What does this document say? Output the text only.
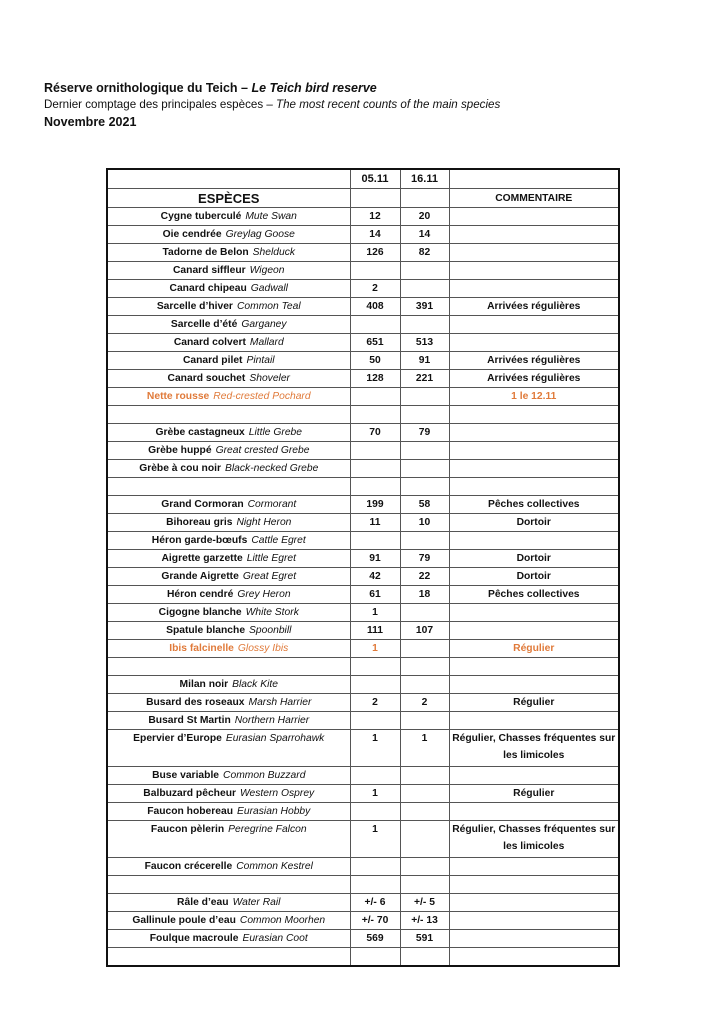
Réserve ornithologique du Teich – Le Teich bird reserve
Dernier comptage des principales espèces – The most recent counts of the main species
Novembre 2021
	05.11	16.11	
ESPÈCES			COMMENTAIRE
Cygne tuberculé Mute Swan	12	20	
Oie cendrée Greylag Goose	14	14	
Tadorne de Belon Shelduck	126	82	
Canard siffleur Wigeon			
Canard chipeau Gadwall	2		
Sarcelle d’hiver Common Teal	408	391	Arrivées régulières
Sarcelle d’été Garganey			
Canard colvert Mallard	651	513	
Canard pilet Pintail	50	91	Arrivées régulières
Canard souchet Shoveler	128	221	Arrivées régulières
Nette rousse Red-crested Pochard			1 le 12.11

Grèbe castagneux Little Grebe	70	79	
Grèbe huppé Great crested Grebe			
Grèbe à cou noir Black-necked Grebe			

Grand Cormoran Cormorant	199	58	Pêches collectives
Bihoreau gris Night Heron	11	10	Dortoir
Héron garde-bœufs Cattle Egret			
Aigrette garzette Little Egret	91	79	Dortoir
Grande Aigrette Great Egret	42	22	Dortoir
Héron cendré Grey Heron	61	18	Pêches collectives
Cigogne blanche White Stork	1		
Spatule blanche Spoonbill	111	107	
Ibis falcinelle Glossy Ibis	1		Régulier

Milan noir Black Kite			
Busard des roseaux Marsh Harrier	2	2	Régulier
Busard St Martin Northern Harrier			
Epervier d’Europe Eurasian Sparrohawk	1	1	Régulier, Chasses fréquentes sur les limicoles
Buse variable Common Buzzard			
Balbuzard pêcheur Western Osprey	1		Régulier
Faucon hobereau Eurasian Hobby			
Faucon pèlerin Peregrine Falcon	1		Régulier, Chasses fréquentes sur les limicoles
Faucon crécerelle Common Kestrel			

Râle d’eau Water Rail	+/- 6	+/- 5	
Gallinule poule d’eau Common Moorhen	+/- 70	+/- 13	
Foulque macroule Eurasian Coot	569	591	
